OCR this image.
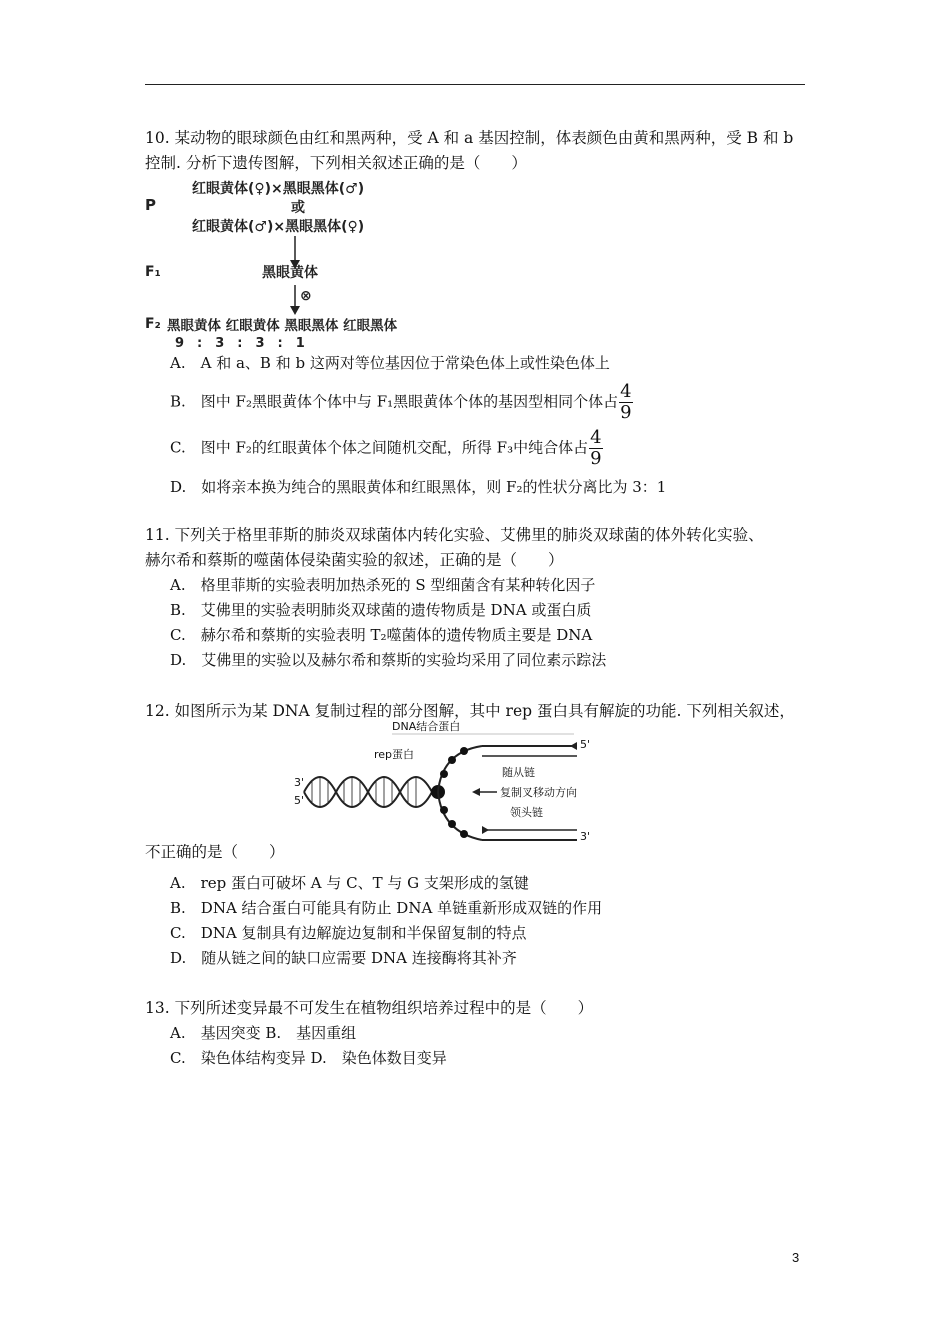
10. 某动物的眼球颜色由红和黑两种，受 A 和 a 基因控制，体表颜色由黄和黑两种，受 B 和 b
控制. 分析下遗传图解，下列相关叙述正确的是（　　）
P
红眼黄体(♀)×黑眼黑体(♂)
或
红眼黄体(♂)×黑眼黑体(♀)
F₁	黑眼黄体
⊗
F₂ 黑眼黄体 红眼黄体 黑眼黑体 红眼黑体
9　:　3　:　3　:　1
A.　A 和 a、B 和 b 这两对等位基因位于常染色体上或性染色体上
B.　图中 F₂黑眼黄体个体中与 F₁黑眼黄体个体的基因型相同个体占 $\frac{4}{9}$
C.　图中 F₂的红眼黄体个体之间随机交配，所得 F₃中纯合体占 $\frac{4}{9}$
D.　如将亲本换为纯合的黑眼黄体和红眼黑体，则 F₂的性状分离比为 3：1
11. 下列关于格里菲斯的肺炎双球菌体内转化实验、艾佛里的肺炎双球菌的体外转化实验、
赫尔希和蔡斯的噬菌体侵染菌实验的叙述，正确的是（　　）
A.　格里菲斯的实验表明加热杀死的 S 型细菌含有某种转化因子
B.　艾佛里的实验表明肺炎双球菌的遗传物质是 DNA 或蛋白质
C.　赫尔希和蔡斯的实验表明 T₂噬菌体的遗传物质主要是 DNA
D.　艾佛里的实验以及赫尔希和蔡斯的实验均采用了同位素示踪法
12. 如图所示为某 DNA 复制过程的部分图解，其中 rep 蛋白具有解旋的功能. 下列相关叙述，
DNA结合蛋白
rep蛋白
随从链
复制叉移动方向
领头链
5'
3'
3'
5'
不正确的是（　　）
A.　rep 蛋白可破坏 A 与 C、T 与 G 支架形成的氢键
B.　DNA 结合蛋白可能具有防止 DNA 单链重新形成双链的作用
C.　DNA 复制具有边解旋边复制和半保留复制的特点
D.　随从链之间的缺口应需要 DNA 连接酶将其补齐
13. 下列所述变异最不可发生在植物组织培养过程中的是（　　）
A.　基因突变 B.　基因重组
C.　染色体结构变异 D.　染色体数目变异
3
